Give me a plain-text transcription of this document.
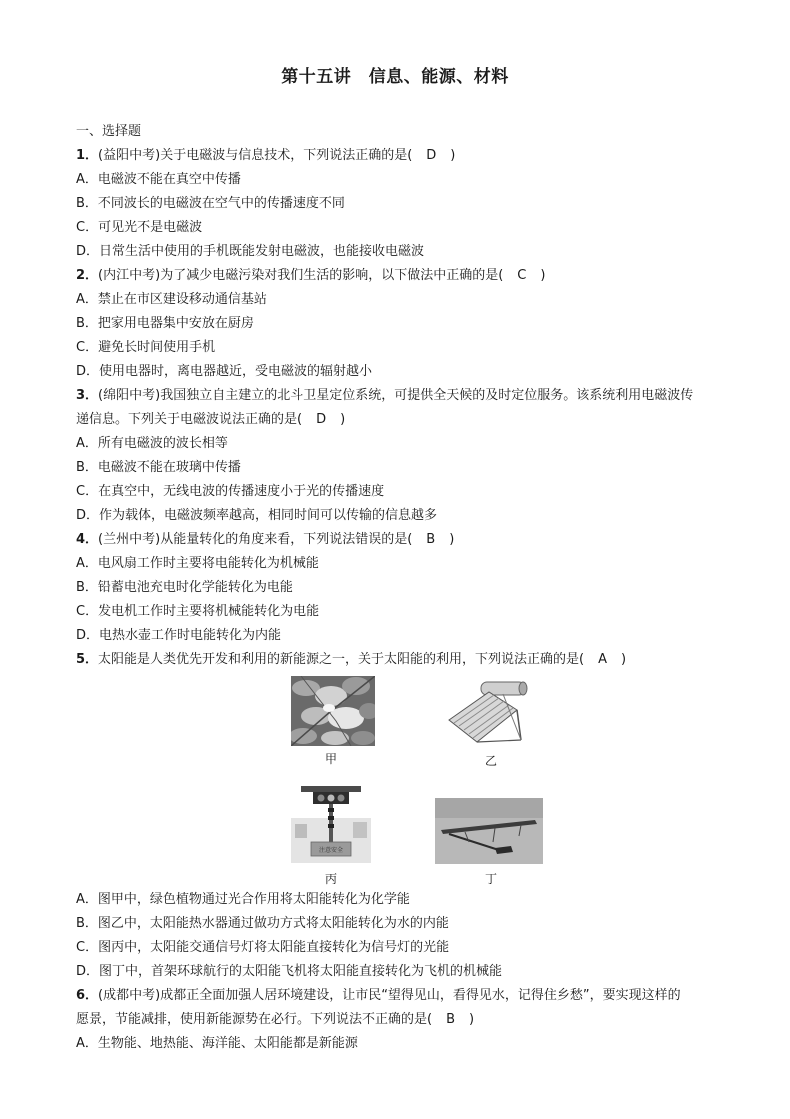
第十五讲　信息、能源、材料
一、选择题
1．(益阳中考)关于电磁波与信息技术，下列说法正确的是( D )
A．电磁波不能在真空中传播
B．不同波长的电磁波在空气中的传播速度不同
C．可见光不是电磁波
D．日常生活中使用的手机既能发射电磁波，也能接收电磁波
2．(内江中考)为了减少电磁污染对我们生活的影响，以下做法中正确的是( C )
A．禁止在市区建设移动通信基站
B．把家用电器集中安放在厨房
C．避免长时间使用手机
D．使用电器时，离电器越近，受电磁波的辐射越小
3．(绵阳中考)我国独立自主建立的北斗卫星定位系统，可提供全天候的及时定位服务。该系统利用电磁波传
递信息。下列关于电磁波说法正确的是( D )
A．所有电磁波的波长相等
B．电磁波不能在玻璃中传播
C．在真空中，无线电波的传播速度小于光的传播速度
D．作为载体，电磁波频率越高，相同时间可以传输的信息越多
4．(兰州中考)从能量转化的角度来看，下列说法错误的是( B )
A．电风扇工作时主要将电能转化为机械能
B．铅蓄电池充电时化学能转化为电能
C．发电机工作时主要将机械能转化为电能
D．电热水壶工作时电能转化为内能
5．太阳能是人类优先开发和利用的新能源之一，关于太阳能的利用，下列说法正确的是( A )
甲	乙
注意安全
丙	丁
A．图甲中，绿色植物通过光合作用将太阳能转化为化学能
B．图乙中，太阳能热水器通过做功方式将太阳能转化为水的内能
C．图丙中，太阳能交通信号灯将太阳能直接转化为信号灯的光能
D．图丁中，首架环球航行的太阳能飞机将太阳能直接转化为飞机的机械能
6．(成都中考)成都正全面加强人居环境建设，让市民“望得见山，看得见水，记得住乡愁”，要实现这样的
愿景，节能减排，使用新能源势在必行。下列说法不正确的是( B )
A．生物能、地热能、海洋能、太阳能都是新能源
